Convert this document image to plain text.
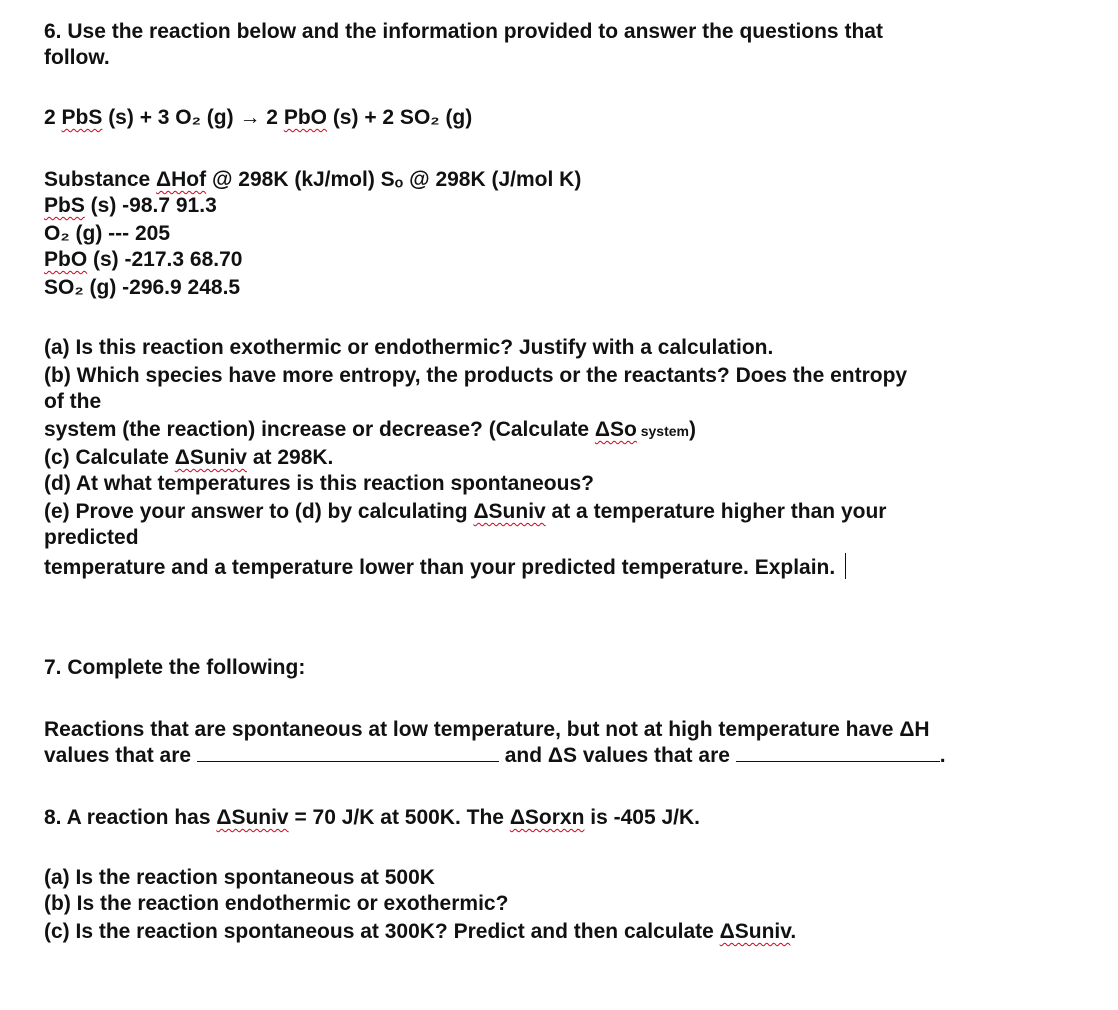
6. Use the reaction below and the information provided to answer the questions that
follow.
2 PbS (s) + 3 O₂ (g) → 2 PbO (s) + 2 SO₂ (g)
Substance ΔHof @ 298K (kJ/mol) Sₒ @ 298K (J/mol K)
PbS (s) -98.7 91.3
O₂ (g) --- 205
PbO (s) -217.3 68.70
SO₂ (g) -296.9 248.5
(a) Is this reaction exothermic or endothermic? Justify with a calculation.
(b) Which species have more entropy, the products or the reactants? Does the entropy
of the
system (the reaction) increase or decrease? (Calculate ΔSo system)
(c) Calculate ΔSuniv at 298K.
(d) At what temperatures is this reaction spontaneous?
(e) Prove your answer to (d) by calculating ΔSuniv at a temperature higher than your
predicted
temperature and a temperature lower than your predicted temperature. Explain.
7. Complete the following:
Reactions that are spontaneous at low temperature, but not at high temperature have ΔH
values that are	and ΔS values that are	.
8. A reaction has ΔSuniv = 70 J/K at 500K. The ΔSorxn is -405 J/K.
(a) Is the reaction spontaneous at 500K
(b) Is the reaction endothermic or exothermic?
(c) Is the reaction spontaneous at 300K? Predict and then calculate ΔSuniv.
